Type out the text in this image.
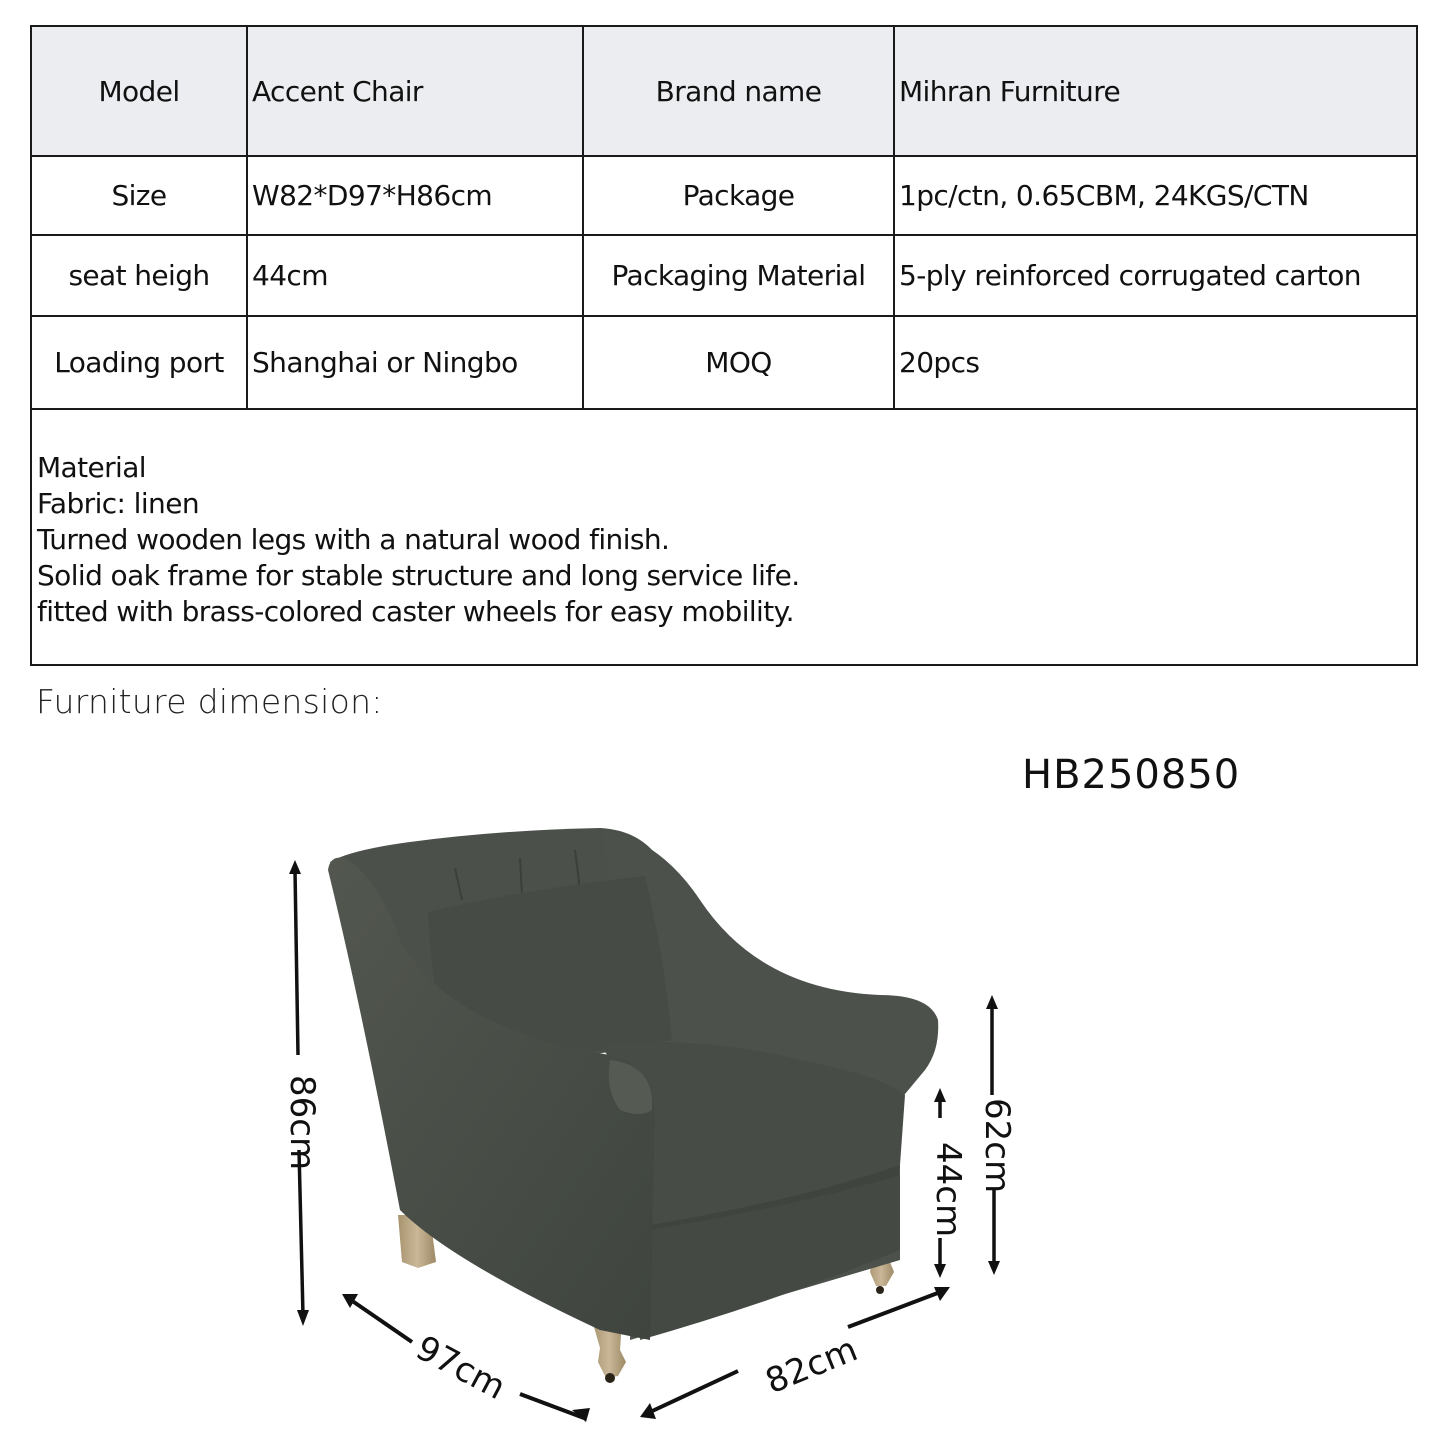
Model	Accent Chair	Brand name	Mihran Furniture
Size	W82*D97*H86cm	Package	1pc/ctn, 0.65CBM, 24KGS/CTN
seat heigh	44cm	Packaging Material	5-ply reinforced corrugated carton
Loading port	Shanghai or Ningbo	MOQ	20pcs

Material
Fabric: linen
Turned wooden legs with a natural wood finish.
Solid oak frame for stable structure and long service life.
fitted with brass-colored caster wheels for easy mobility.			
Furniture dimension:
HB250850
86cm	62cm
44cm
97cm	82cm
